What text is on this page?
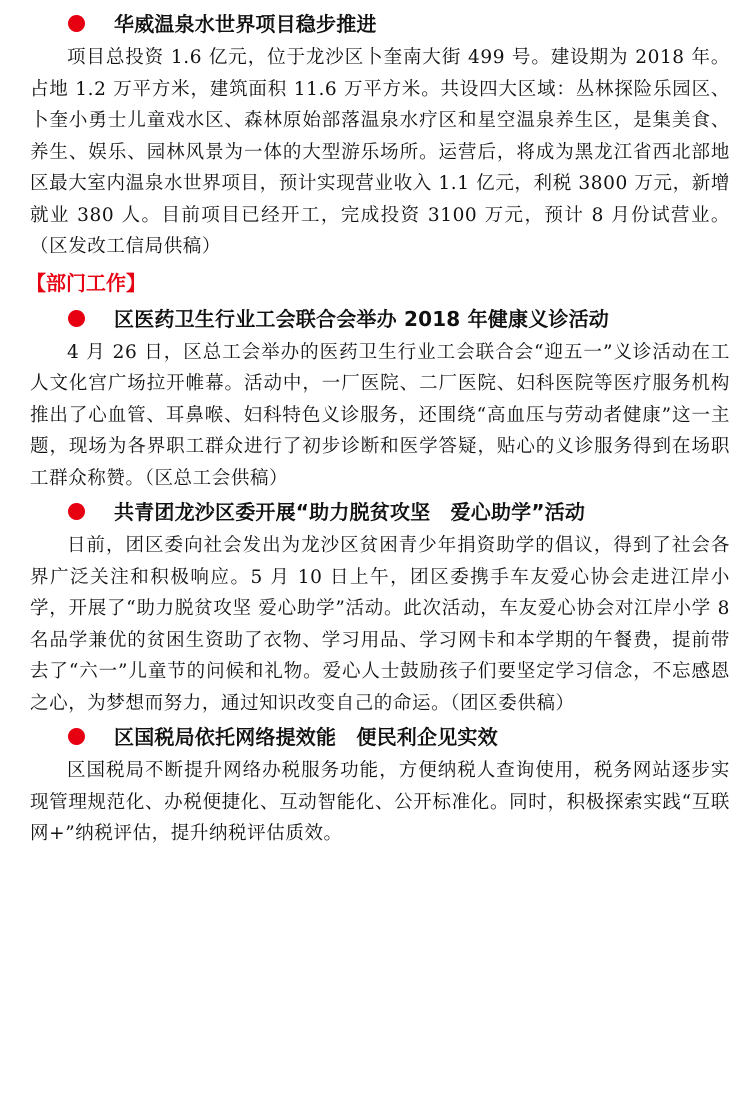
华威温泉水世界项目稳步推进

项目总投资 1.6 亿元，位于龙沙区卜奎南大街 499 号。建设期为 2018 年。占地 1.2 万平方米，建筑面积 11.6 万平方米。共设四大区域：丛林探险乐园区、卜奎小勇士儿童戏水区、森林原始部落温泉水疗区和星空温泉养生区，是集美食、养生、娱乐、园林风景为一体的大型游乐场所。运营后，将成为黑龙江省西北部地区最大室内温泉水世界项目，预计实现营业收入 1.1 亿元，利税 3800 万元，新增就业 380 人。目前项目已经开工，完成投资 3100 万元，预计 8 月份试营业。（区发改工信局供稿）

【部门工作】
区医药卫生行业工会联合会举办 2018 年健康义诊活动

4 月 26 日，区总工会举办的医药卫生行业工会联合会“迎五一”义诊活动在工人文化宫广场拉开帷幕。活动中，一厂医院、二厂医院、妇科医院等医疗服务机构推出了心血管、耳鼻喉、妇科特色义诊服务，还围绕“高血压与劳动者健康”这一主题，现场为各界职工群众进行了初步诊断和医学答疑，贴心的义诊服务得到在场职工群众称赞。（区总工会供稿）

共青团龙沙区委开展“助力脱贫攻坚　爱心助学”活动

日前，团区委向社会发出为龙沙区贫困青少年捐资助学的倡议，得到了社会各界广泛关注和积极响应。5 月 10 日上午，团区委携手车友爱心协会走进江岸小学，开展了“助力脱贫攻坚 爱心助学”活动。此次活动，车友爱心协会对江岸小学 8 名品学兼优的贫困生资助了衣物、学习用品、学习网卡和本学期的午餐费，提前带去了“六一”儿童节的问候和礼物。爱心人士鼓励孩子们要坚定学习信念，不忘感恩之心，为梦想而努力，通过知识改变自己的命运。（团区委供稿）

区国税局依托网络提效能　便民利企见实效

区国税局不断提升网络办税服务功能，方便纳税人查询使用，税务网站逐步实现管理规范化、办税便捷化、互动智能化、公开标准化。同时，积极探索实践“互联网+”纳税评估，提升纳税评估质效。
